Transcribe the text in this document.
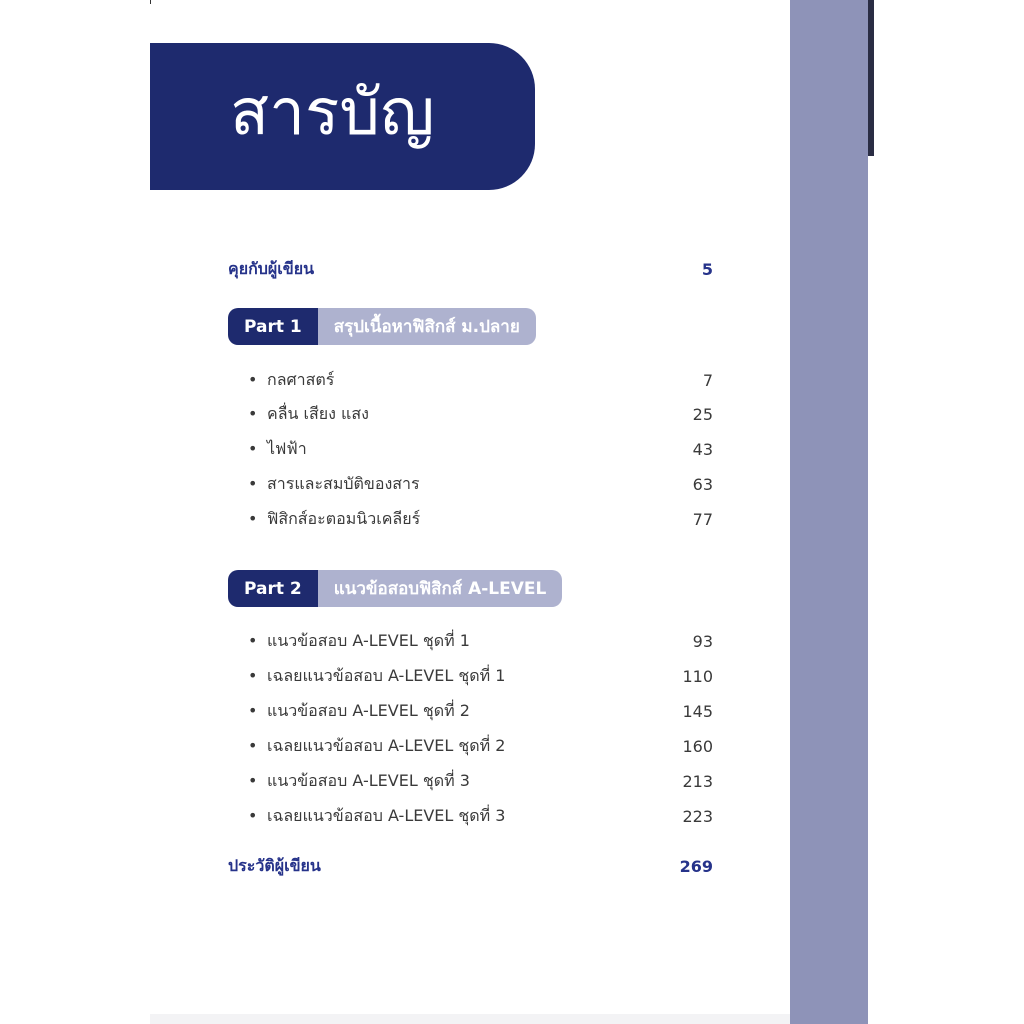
สารบัญ
คุยกับผู้เขียน	5
Part 1	สรุปเนื้อหาฟิสิกส์ ม.ปลาย
• กลศาสตร์	7
• คลื่น เสียง แสง	25
• ไฟฟ้า	43
• สารและสมบัติของสาร	63
• ฟิสิกส์อะตอมนิวเคลียร์	77
Part 2	แนวข้อสอบฟิสิกส์ A-LEVEL
• แนวข้อสอบ A-LEVEL ชุดที่ 1	93
• เฉลยแนวข้อสอบ A-LEVEL ชุดที่ 1	110
• แนวข้อสอบ A-LEVEL ชุดที่ 2	145
• เฉลยแนวข้อสอบ A-LEVEL ชุดที่ 2	160
• แนวข้อสอบ A-LEVEL ชุดที่ 3	213
• เฉลยแนวข้อสอบ A-LEVEL ชุดที่ 3	223
ประวัติผู้เขียน	269
